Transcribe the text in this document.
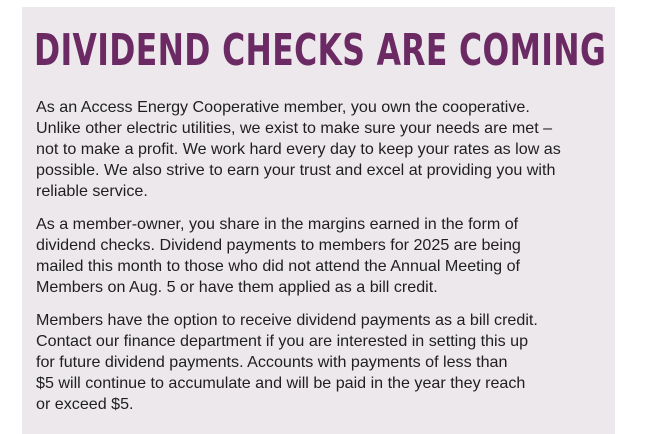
DIVIDEND CHECKS ARE COMING

As an Access Energy Cooperative member, you own the cooperative.
Unlike other electric utilities, we exist to make sure your needs are met –
not to make a profit. We work hard every day to keep your rates as low as
possible. We also strive to earn your trust and excel at providing you with
reliable service.

As a member-owner, you share in the margins earned in the form of
dividend checks. Dividend payments to members for 2025 are being
mailed this month to those who did not attend the Annual Meeting of
Members on Aug. 5 or have them applied as a bill credit.

Members have the option to receive dividend payments as a bill credit.
Contact our finance department if you are interested in setting this up
for future dividend payments. Accounts with payments of less than
$5 will continue to accumulate and will be paid in the year they reach
or exceed $5.
